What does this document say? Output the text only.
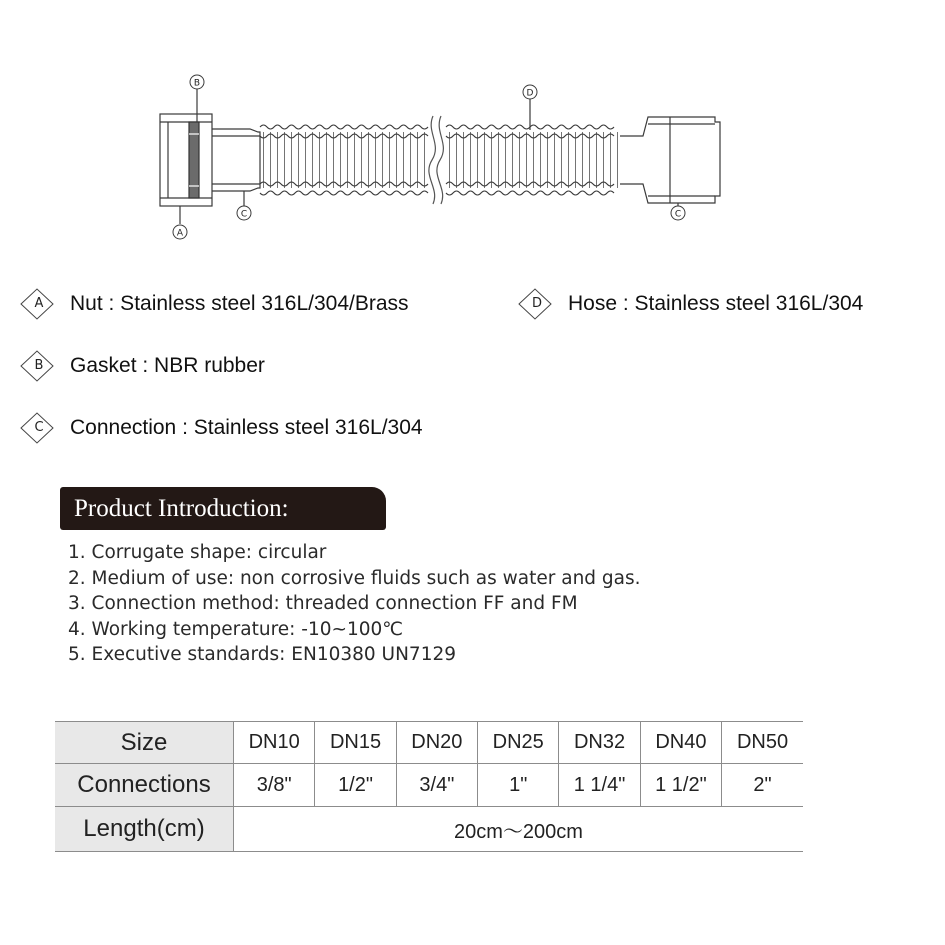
B
A
C
D
C
A	Nut : Stainless steel 316L/304/Brass
B	Gasket : NBR rubber
C	Connection : Stainless steel 316L/304
D	Hose : Stainless steel 316L/304
Product Introduction:
1. Corrugate shape: circular
2. Medium of use: non corrosive fluids such as water and gas.
3. Connection method: threaded connection FF and FM
4. Working temperature: -10~100℃
5. Executive standards: EN10380 UN7129
Size	DN10	DN15	DN20	DN25	DN32	DN40	DN50
Connections	3/8"	1/2"	3/4"	1"	1 1/4"	1 1/2"	2"
Length(cm)	20cm～200cm						
